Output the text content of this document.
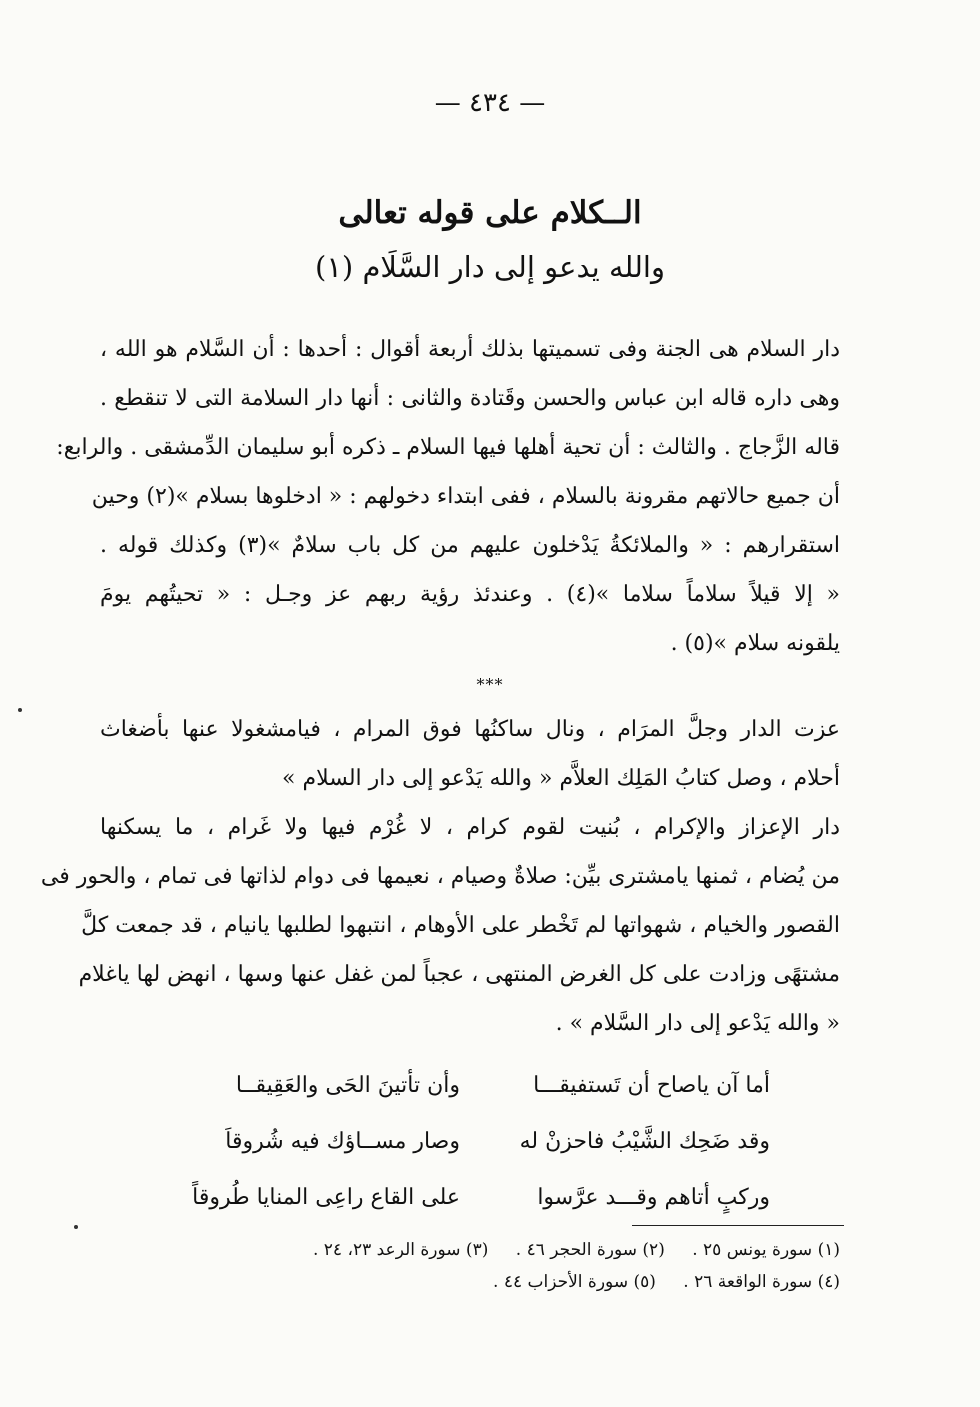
— ٤٣٤ —
الــكلام على قوله تعالى
والله يدعو إلى دار السَّلَام (١)
دار السلام هى الجنة وفى تسميتها بذلك أربعة أقوال : أحدها : أن السَّلام هو الله ،
وهى داره قاله ابن عباس والحسن وقَتادة والثانى : أنها دار السلامة التى لا تنقطع .
قاله الزَّجاج . والثالث : أن تحية أهلها فيها السلام ـ ذكره أبو سليمان الدِّمشقى . والرابع:
أن جميع حالاتهم مقرونة بالسلام ، ففى ابتداء دخولهم : « ادخلوها بسلام »(٢) وحين
استقرارهم : « والملائكةُ يَدْخلون عليهم من كل باب سلامٌ »(٣) وكذلك قوله .
« إلا قيلاً سلاماً سلاما »(٤) . وعندئذ رؤية ربهم عز وجـل : « تحيتُهم يومَ
يلقونه سلام »(٥) .
***
عزت الدار وجلَّ المرَام ، ونال ساكنُها فوق المرام ، فيامشغولا عنها بأضغاث
أحلام ، وصل كتابُ المَلِك العلاَّم « والله يَدْعو إلى دار السلام »
دار الإعزاز والإكرام ، بُنيت لقوم كرام ، لا غُرْم فيها ولا غَرام ، ما يسكنها
من يُضام ، ثمنها يامشترى بيِّن: صلاةٌ وصيام ، نعيمها فى دوام لذاتها فى تمام ، والحور فى
القصور والخيام ، شهواتها لم تَخْطر على الأوهام ، انتبهوا لطلبها يانيام ، قد جمعت كلَّ
مشتهًى وزادت على كل الغرض المنتهى ، عجباً لمن غفل عنها وسها ، انهض لها ياغلام
« والله يَدْعو إلى دار السَّلام » .
أما آن ياصاح أن تَستفيقـــا
وأن تأتينَ الحَى والعَقِيقــا
وقد ضَحِك الشَّيْبُ فاحزنْ له
وصار مســاؤك فيه شُروقاَ
وركبٍ أتاهم وقـــد عرَّسوا
على القاع راعِى المنايا طُروقاً
(١) سورة يونس ٢٥ . (٢) سورة الحجر ٤٦ . (٣) سورة الرعد ٢٣، ٢٤ .
(٤) سورة الواقعة ٢٦ . (٥) سورة الأحزاب ٤٤ .
